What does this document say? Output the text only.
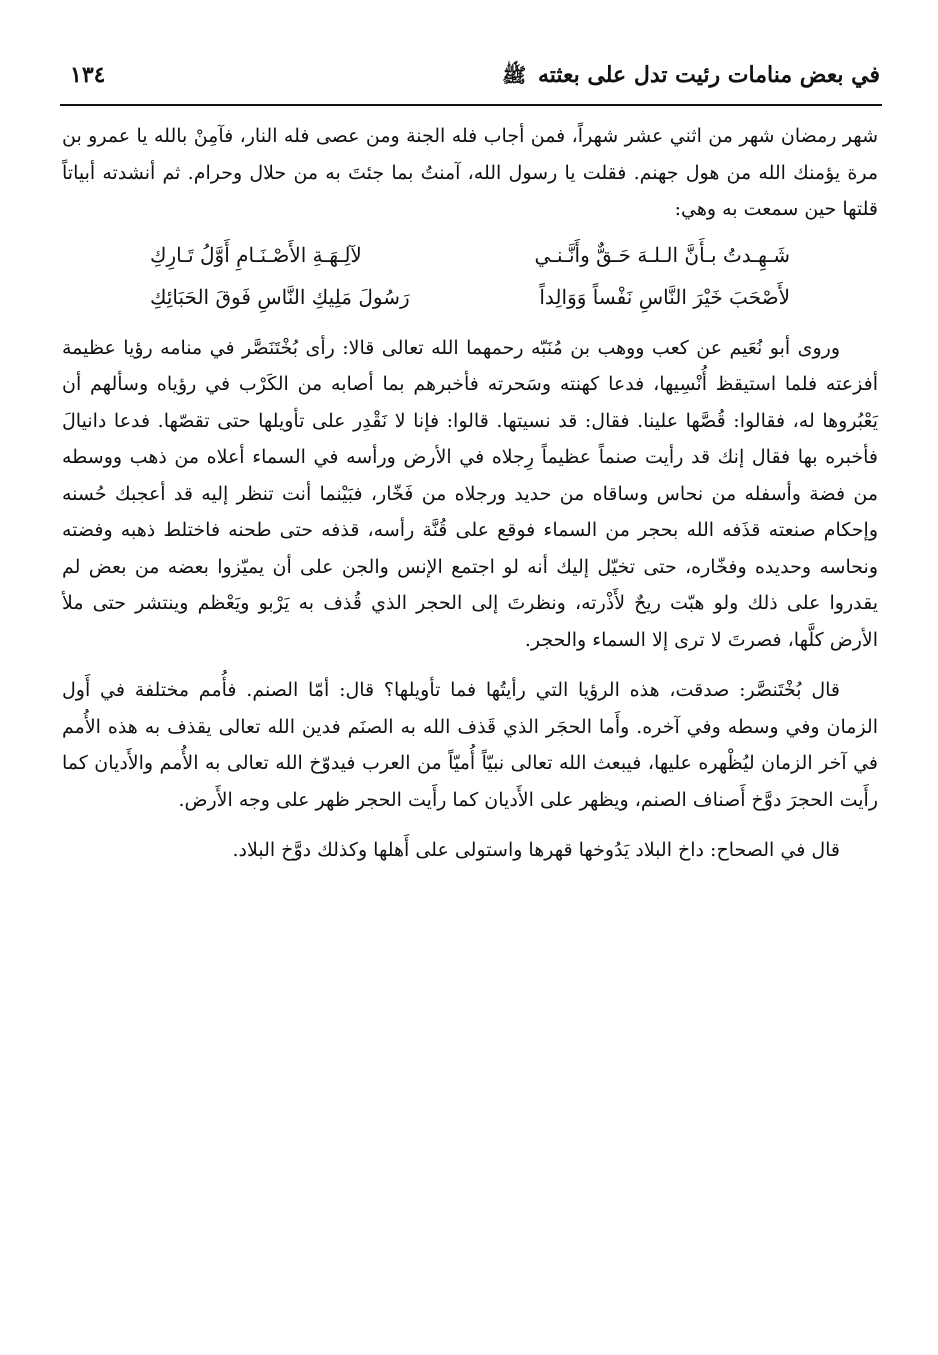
في بعض منامات رئيت تدل على بعثته ﷺ
١٣٤

شهر رمضان شهر من اثني عشر شهراً، فمن أجاب فله الجنة ومن عصى فله النار، فآمِنْ بالله يا عمرو بن مرة يؤمنك الله من هول جهنم. فقلت يا رسول الله، آمنتُ بما جئتَ به من حلال وحرام. ثم أنشدته أبياتاً قلتها حين سمعت به وهي:

شَـهِـدتُ بـأَنَّ الـلـهَ حَـقٌّ وأَنَّـنـي
لآلِـهَـةِ الأَصْـنَـامِ أَوَّلُ تَـارِكِ
لأَصْحَبَ خَيْرَ النَّاسِ نَفْساً وَوَالِداً
رَسُولَ مَلِيكِ النَّاسِ فَوقَ الحَبَائِكِ

وروى أبو نُعَيم عن كعب ووهب بن مُنَبّه رحمهما الله تعالى قالا: رأى بُخْتَنَصَّر في منامه رؤيا عظيمة أفزعته فلما استيقظ أُنْسِيها، فدعا كهنته وسَحرته فأخبرهم بما أصابه من الكَرْب في رؤياه وسألهم أن يَعْبُروها له، فقالوا: قُصَّها علينا. فقال: قد نسيتها. قالوا: فإنا لا نَقْدِر على تأويلها حتى تقصّها. فدعا دانيالَ فأخبره بها فقال إنك قد رأيت صنماً عظيماً رِجلاه في الأرض ورأسه في السماء أعلاه من ذهب ووسطه من فضة وأسفله من نحاس وساقاه من حديد ورجلاه من فَخّار، فبَيْنما أنت تنظر إليه قد أعجبك حُسنه وإحكام صنعته قذَفه الله بحجر من السماء فوقع على قُنَّة رأسه، قذفه حتى طحنه فاختلط ذهبه وفضته ونحاسه وحديده وفخّاره، حتى تخيّل إليك أنه لو اجتمع الإنس والجن على أن يميّزوا بعضه من بعض لم يقدروا على ذلك ولو هبّت ريحٌ لأَذْرته، ونظرتَ إلى الحجر الذي قُذف به يَرْبو ويَعْظم وينتشر حتى ملأ الأرض كلَّها، فصرتَ لا ترى إلا السماء والحجر.

قال بُخْتَنصَّر: صدقت، هذه الرؤيا التي رأيتُها فما تأويلها؟ قال: أمّا الصنم. فأُمم مختلفة في أَول الزمان وفي وسطه وفي آخره. وأَما الحجَر الذي قَذف الله به الصنَم فدين الله تعالى يقذف به هذه الأُمم في آخر الزمان ليُظْهره عليها، فيبعث الله تعالى نبيّاً أُميّاً من العرب فيدوّخ الله تعالى به الأُمم والأَديان كما رأَيت الحجرَ دوَّخ أَصناف الصنم، ويظهر على الأَديان كما رأَيت الحجر ظهر على وجه الأَرض.

قال في الصحاح: داخ البلاد يَدُوخها قهرها واستولى على أَهلها وكذلك دوَّخ البلاد.
